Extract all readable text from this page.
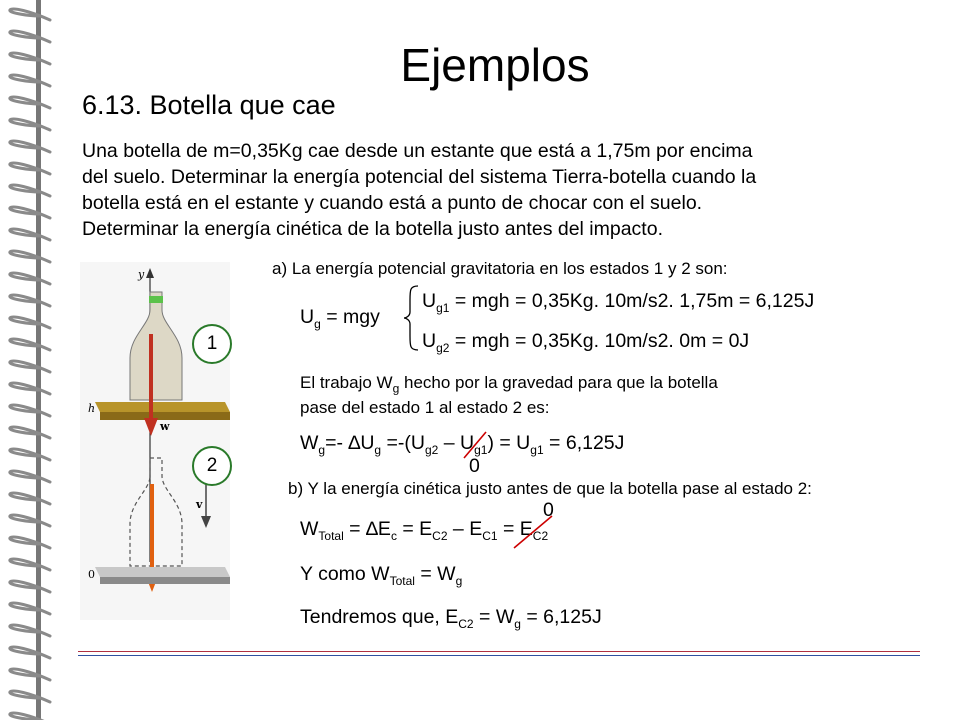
Ejemplos
6.13. Botella que cae
Una botella de m=0,35Kg cae desde un estante que está a 1,75m por encima
del suelo. Determinar la energía potencial del sistema Tierra-botella cuando la
botella está en el estante y cuando está a punto de chocar con el suelo.
Determinar la energía cinética de la botella justo antes del impacto.
y
h
w
v
0
1
2
a) La energía potencial gravitatoria en los estados 1 y 2 son:
$U_g$ = mgy
$U_{g1}$ = mgh = 0,35Kg. 10m/s2. 1,75m = 6,125J
$U_{g2}$ = mgh = 0,35Kg. 10m/s2. 0m = 0J
El trabajo $W_g$ hecho por la gravedad para que la botella
pase del estado 1 al estado 2 es:
$W_g=-$ $\Delta U_g =-(U_{g2} - U_{g1}) = U_{g1} = 6,125J$
0
b) Y la energía cinética justo antes de que la botella pase al estado 2:
0
$W_{Total} = \Delta E_c = E_{C2} - E_{C1} = E_{C2}$
Y como $W_{Total} = W_g$
Tendremos que, $E_{C2} = W_g = 6,125J$
